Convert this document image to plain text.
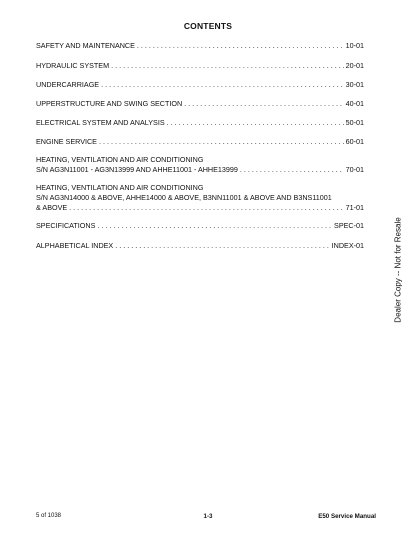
CONTENTS
SAFETY AND MAINTENANCE . . .	10-01
HYDRAULIC SYSTEM . . .	20-01
UNDERCARRIAGE . . .	30-01
UPPERSTRUCTURE AND SWING SECTION . . .	40-01
ELECTRICAL SYSTEM AND ANALYSIS . . .	50-01
ENGINE SERVICE . . .	60-01
HEATING, VENTILATION AND AIR CONDITIONING
S/N AG3N11001 - AG3N13999 AND AHHE11001 - AHHE13999 . . .	70-01
HEATING, VENTILATION AND AIR CONDITIONING
S/N AG3N14000 & ABOVE, AHHE14000 & ABOVE, B3NN11001 & ABOVE AND B3NS11001
& ABOVE . . .	71-01
SPECIFICATIONS . . .	SPEC-01
ALPHABETICAL INDEX . . .	INDEX-01	Dealer Copy -- Not for Resale
5 of 1038	1-3	E50 Service Manual
